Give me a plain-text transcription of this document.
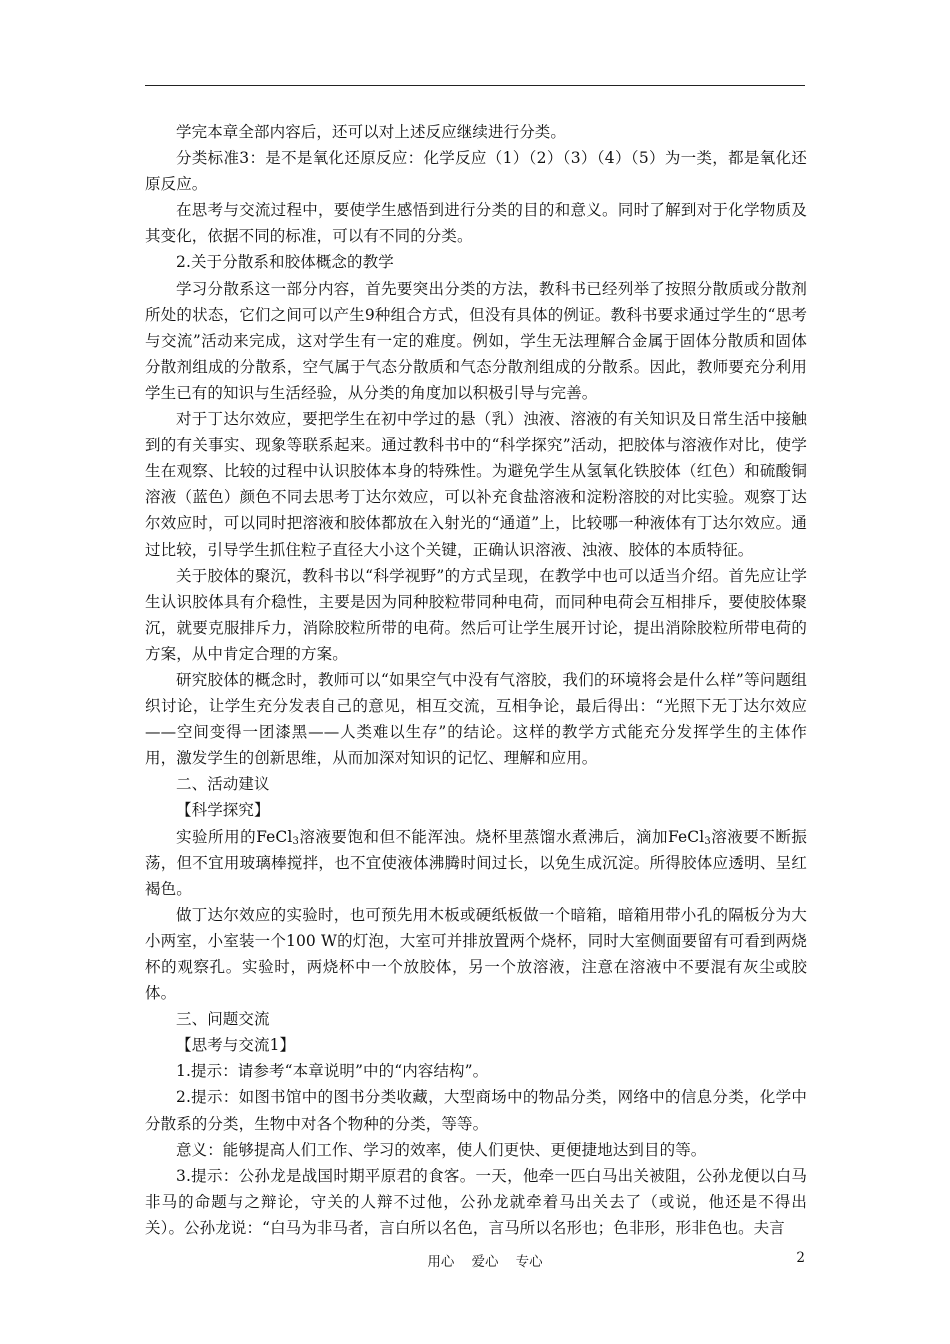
学完本章全部内容后，还可以对上述反应继续进行分类。

分类标准3：是不是氧化还原反应：化学反应（1）（2）（3）（4）（5）为一类，都是氧化还原反应。

在思考与交流过程中，要使学生感悟到进行分类的目的和意义。同时了解到对于化学物质及其变化，依据不同的标准，可以有不同的分类。

2.关于分散系和胶体概念的教学

学习分散系这一部分内容，首先要突出分类的方法，教科书已经列举了按照分散质或分散剂所处的状态，它们之间可以产生9种组合方式，但没有具体的例证。教科书要求通过学生的“思考与交流”活动来完成，这对学生有一定的难度。例如，学生无法理解合金属于固体分散质和固体分散剂组成的分散系，空气属于气态分散质和气态分散剂组成的分散系。因此，教师要充分利用学生已有的知识与生活经验，从分类的角度加以积极引导与完善。

对于丁达尔效应，要把学生在初中学过的悬（乳）浊液、溶液的有关知识及日常生活中接触到的有关事实、现象等联系起来。通过教科书中的“科学探究”活动，把胶体与溶液作对比，使学生在观察、比较的过程中认识胶体本身的特殊性。为避免学生从氢氧化铁胶体（红色）和硫酸铜溶液（蓝色）颜色不同去思考丁达尔效应，可以补充食盐溶液和淀粉溶胶的对比实验。观察丁达尔效应时，可以同时把溶液和胶体都放在入射光的“通道”上，比较哪一种液体有丁达尔效应。通过比较，引导学生抓住粒子直径大小这个关键，正确认识溶液、浊液、胶体的本质特征。

关于胶体的聚沉，教科书以“科学视野”的方式呈现，在教学中也可以适当介绍。首先应让学生认识胶体具有介稳性，主要是因为同种胶粒带同种电荷，而同种电荷会互相排斥，要使胶体聚沉，就要克服排斥力，消除胶粒所带的电荷。然后可让学生展开讨论，提出消除胶粒所带电荷的方案，从中肯定合理的方案。

研究胶体的概念时，教师可以“如果空气中没有气溶胶，我们的环境将会是什么样”等问题组织讨论，让学生充分发表自己的意见，相互交流，互相争论，最后得出：“光照下无丁达尔效应——空间变得一团漆黑——人类难以生存”的结论。这样的教学方式能充分发挥学生的主体作用，激发学生的创新思维，从而加深对知识的记忆、理解和应用。

二、活动建议

【科学探究】

实验所用的FeCl$_3$溶液要饱和但不能浑浊。烧杯里蒸馏水煮沸后，滴加FeCl$_3$溶液要不断振荡，但不宜用玻璃棒搅拌，也不宜使液体沸腾时间过长，以免生成沉淀。所得胶体应透明、呈红褐色。

做丁达尔效应的实验时，也可预先用木板或硬纸板做一个暗箱，暗箱用带小孔的隔板分为大小两室，小室装一个100 W的灯泡，大室可并排放置两个烧杯，同时大室侧面要留有可看到两烧杯的观察孔。实验时，两烧杯中一个放胶体，另一个放溶液，注意在溶液中不要混有灰尘或胶体。

三、问题交流

【思考与交流1】

1.提示：请参考“本章说明”中的“内容结构”。

2.提示：如图书馆中的图书分类收藏，大型商场中的物品分类，网络中的信息分类，化学中分散系的分类，生物中对各个物种的分类，等等。

意义：能够提高人们工作、学习的效率，使人们更快、更便捷地达到目的等。

3.提示：公孙龙是战国时期平原君的食客。一天，他牵一匹白马出关被阻，公孙龙便以白马非马的命题与之辩论，守关的人辩不过他，公孙龙就牵着马出关去了（或说，他还是不得出关）。公孙龙说：“白马为非马者，言白所以名色，言马所以名形也；色非形，形非色也。夫言

用心    爱心    专心	2
